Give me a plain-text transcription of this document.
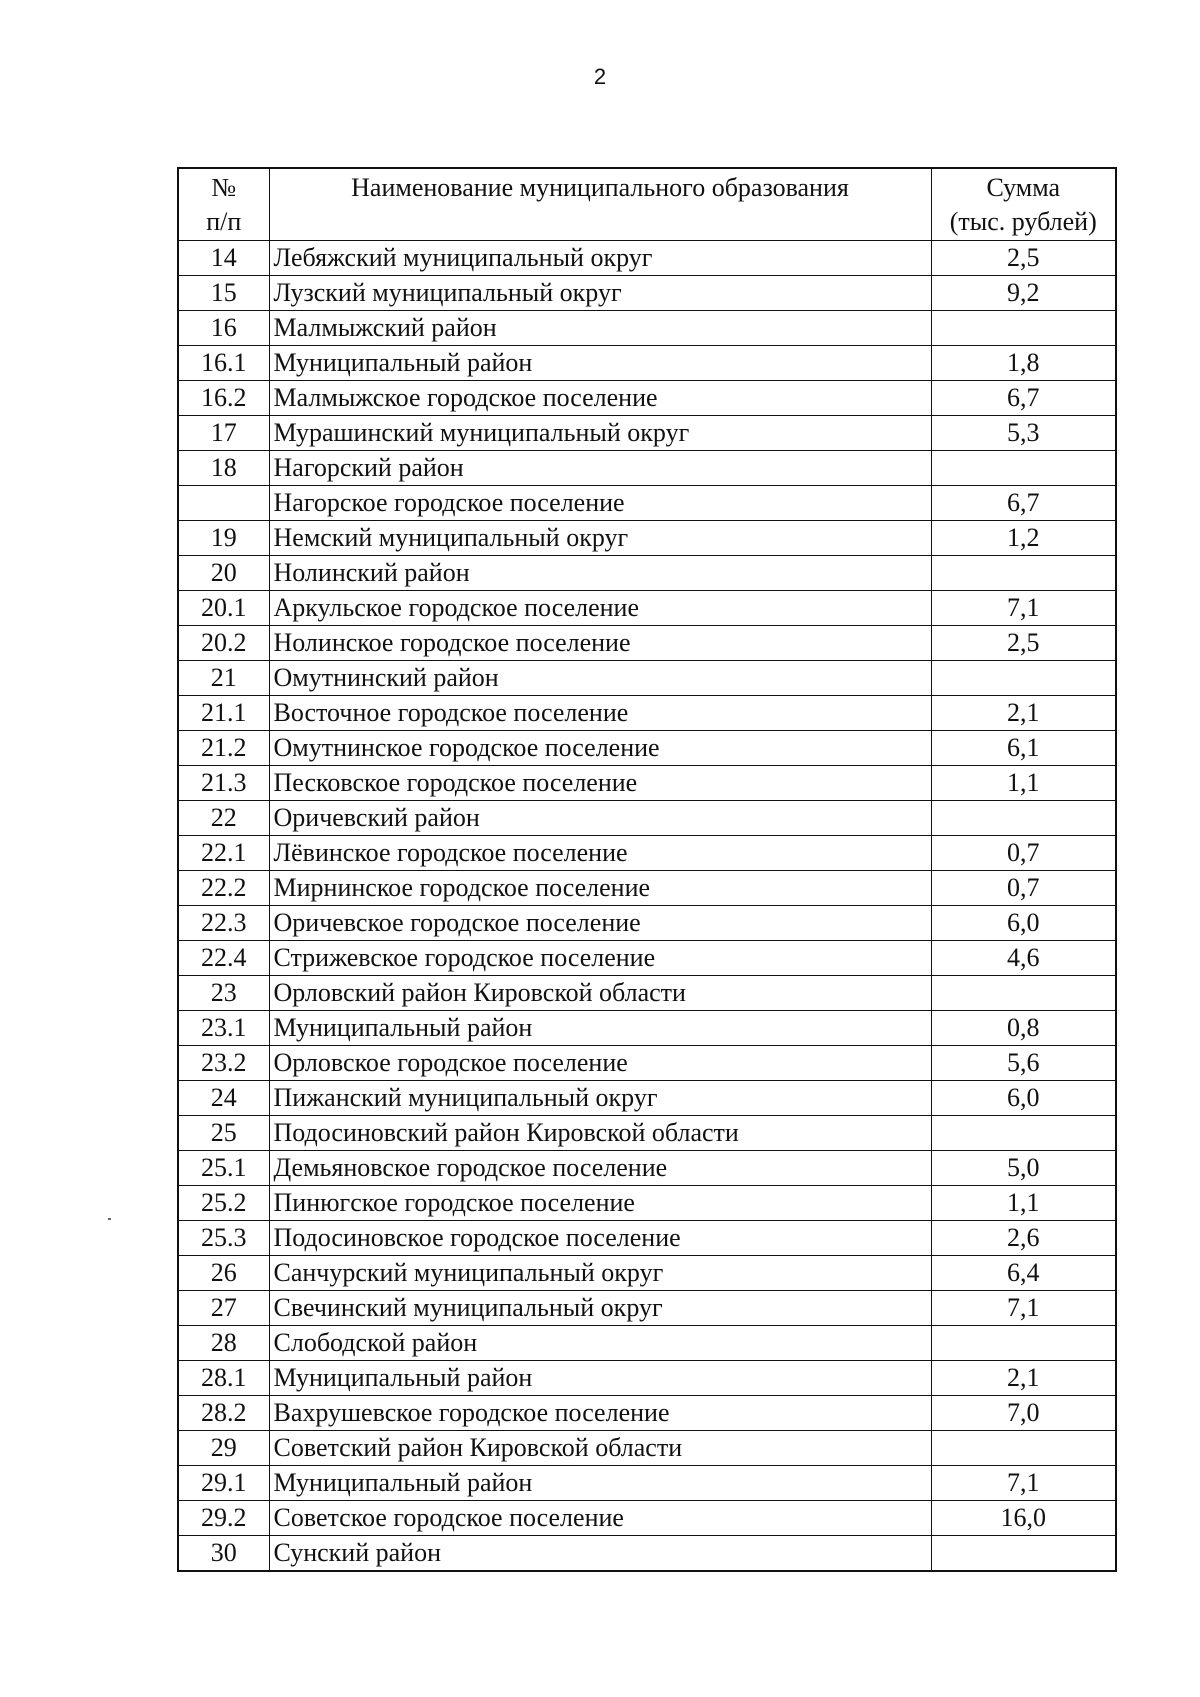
2
№
п/п	Наименование муниципального образования	Сумма
(тыс. рублей)

14	Лебяжский муниципальный округ	2,5
15	Лузский муниципальный округ	9,2
16	Малмыжский район	
16.1	Муниципальный район	1,8
16.2	Малмыжское городское поселение	6,7
17	Мурашинский муниципальный округ	5,3
18	Нагорский район	
	Нагорское городское поселение	6,7
19	Немский муниципальный округ	1,2
20	Нолинский район	
20.1	Аркульское городское поселение	7,1
20.2	Нолинское городское поселение	2,5
21	Омутнинский район	
21.1	Восточное городское поселение	2,1
21.2	Омутнинское городское поселение	6,1
21.3	Песковское городское поселение	1,1
22	Оричевский район	
22.1	Лёвинское городское поселение	0,7
22.2	Мирнинское городское поселение	0,7
22.3	Оричевское городское поселение	6,0
22.4	Стрижевское городское поселение	4,6
23	Орловский район Кировской области	
23.1	Муниципальный район	0,8
23.2	Орловское городское поселение	5,6
24	Пижанский муниципальный округ	6,0
25	Подосиновский район Кировской области	
25.1	Демьяновское городское поселение	5,0
25.2	Пинюгское городское поселение	1,1
25.3	Подосиновское городское поселение	2,6
26	Санчурский муниципальный округ	6,4
27	Свечинский муниципальный округ	7,1
28	Слободской район	
28.1	Муниципальный район	2,1
28.2	Вахрушевское городское поселение	7,0
29	Советский район Кировской области	
29.1	Муниципальный район	7,1
29.2	Советское городское поселение	16,0
30	Сунский район	
